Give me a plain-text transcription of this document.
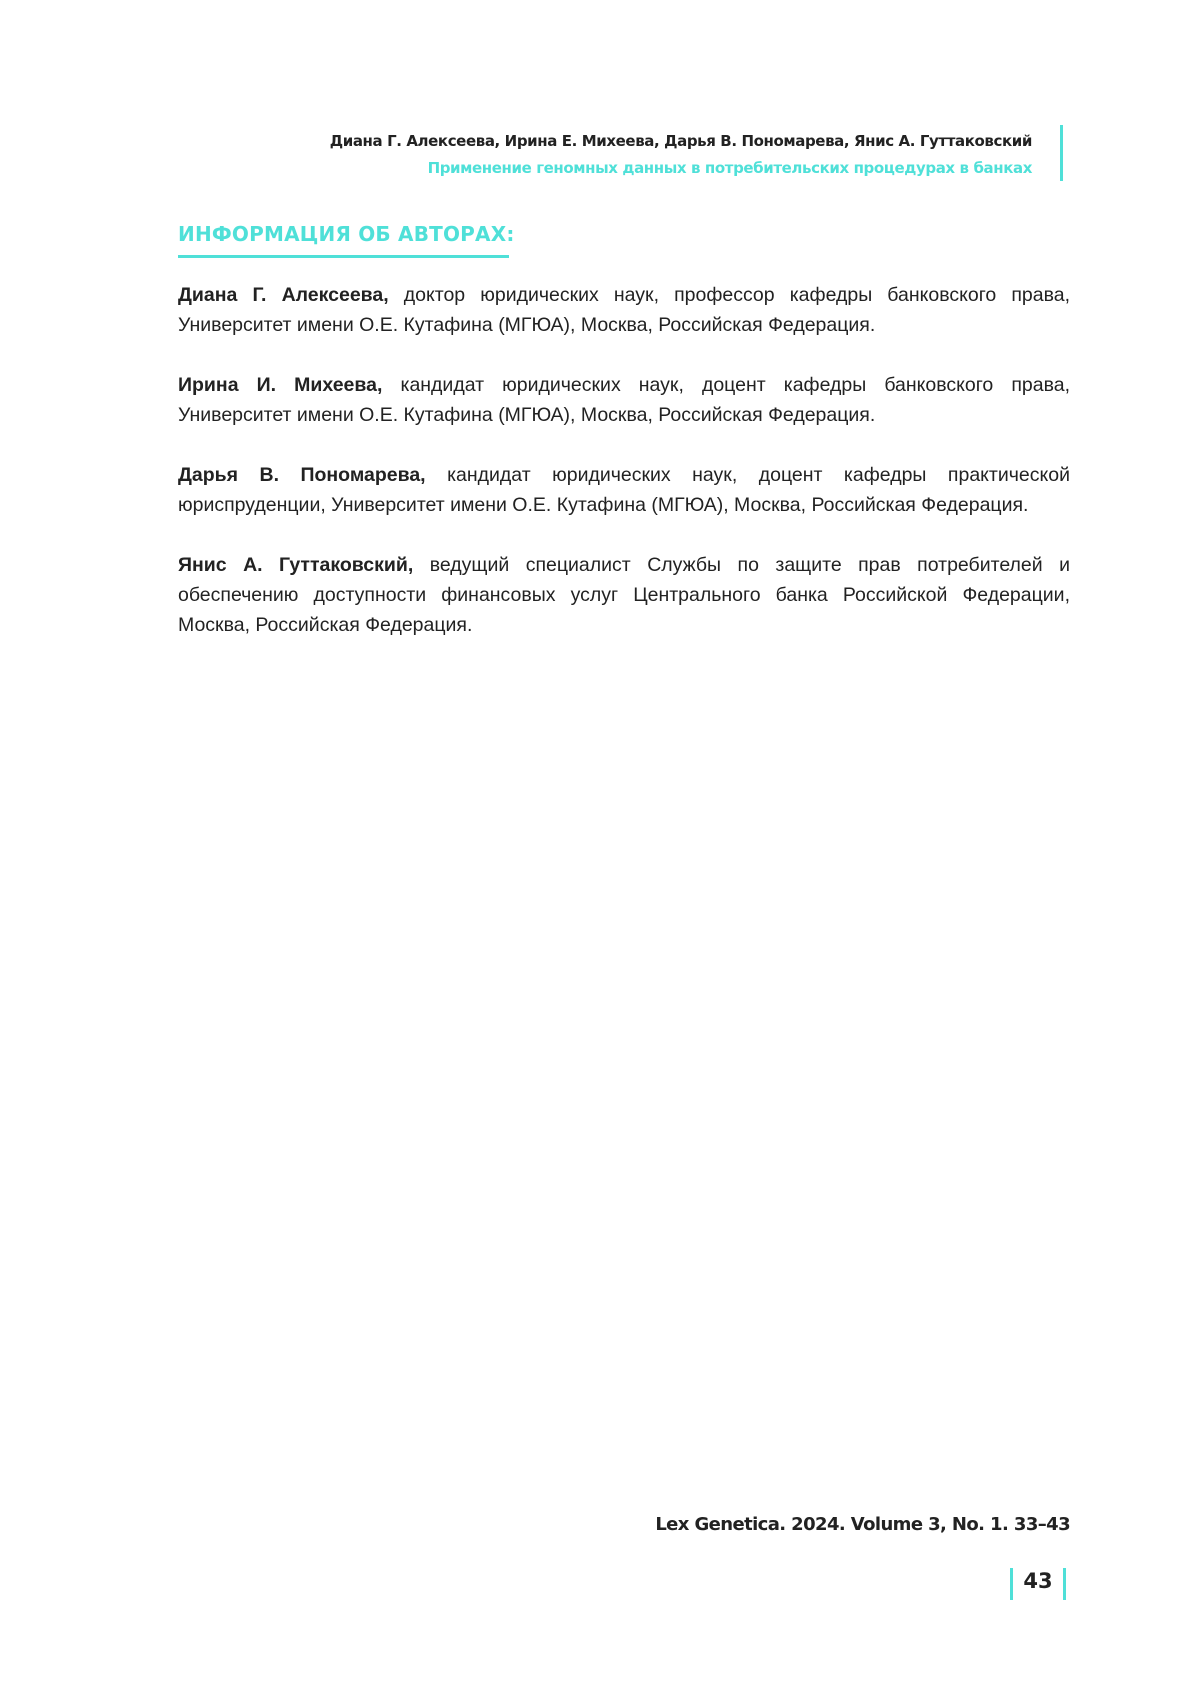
Диана Г. Алексеева, Ирина Е. Михеева, Дарья В. Пономарева, Янис А. Гуттаковский
Применение геномных данных в потребительских процедурах в банках
ИНФОРМАЦИЯ ОБ АВТОРАХ:

Диана Г. Алексеева, доктор юридических наук, профессор кафедры банковского права, Университет имени О.Е. Кутафина (МГЮА), Москва, Российская Федерация.

Ирина И. Михеева, кандидат юридических наук, доцент кафедры банковского права, Университет имени О.Е. Кутафина (МГЮА), Москва, Российская Федерация.

Дарья В. Пономарева, кандидат юридических наук, доцент кафедры практической юриспруденции, Университет имени О.Е. Кутафина (МГЮА), Москва, Российская Федерация.

Янис А. Гуттаковский, ведущий специалист Службы по защите прав потребителей и обеспечению доступности финансовых услуг Центрального банка Российской Федерации, Москва, Российская Федерация.

Lex Genetica. 2024. Volume 3, No. 1. 33–43
43
